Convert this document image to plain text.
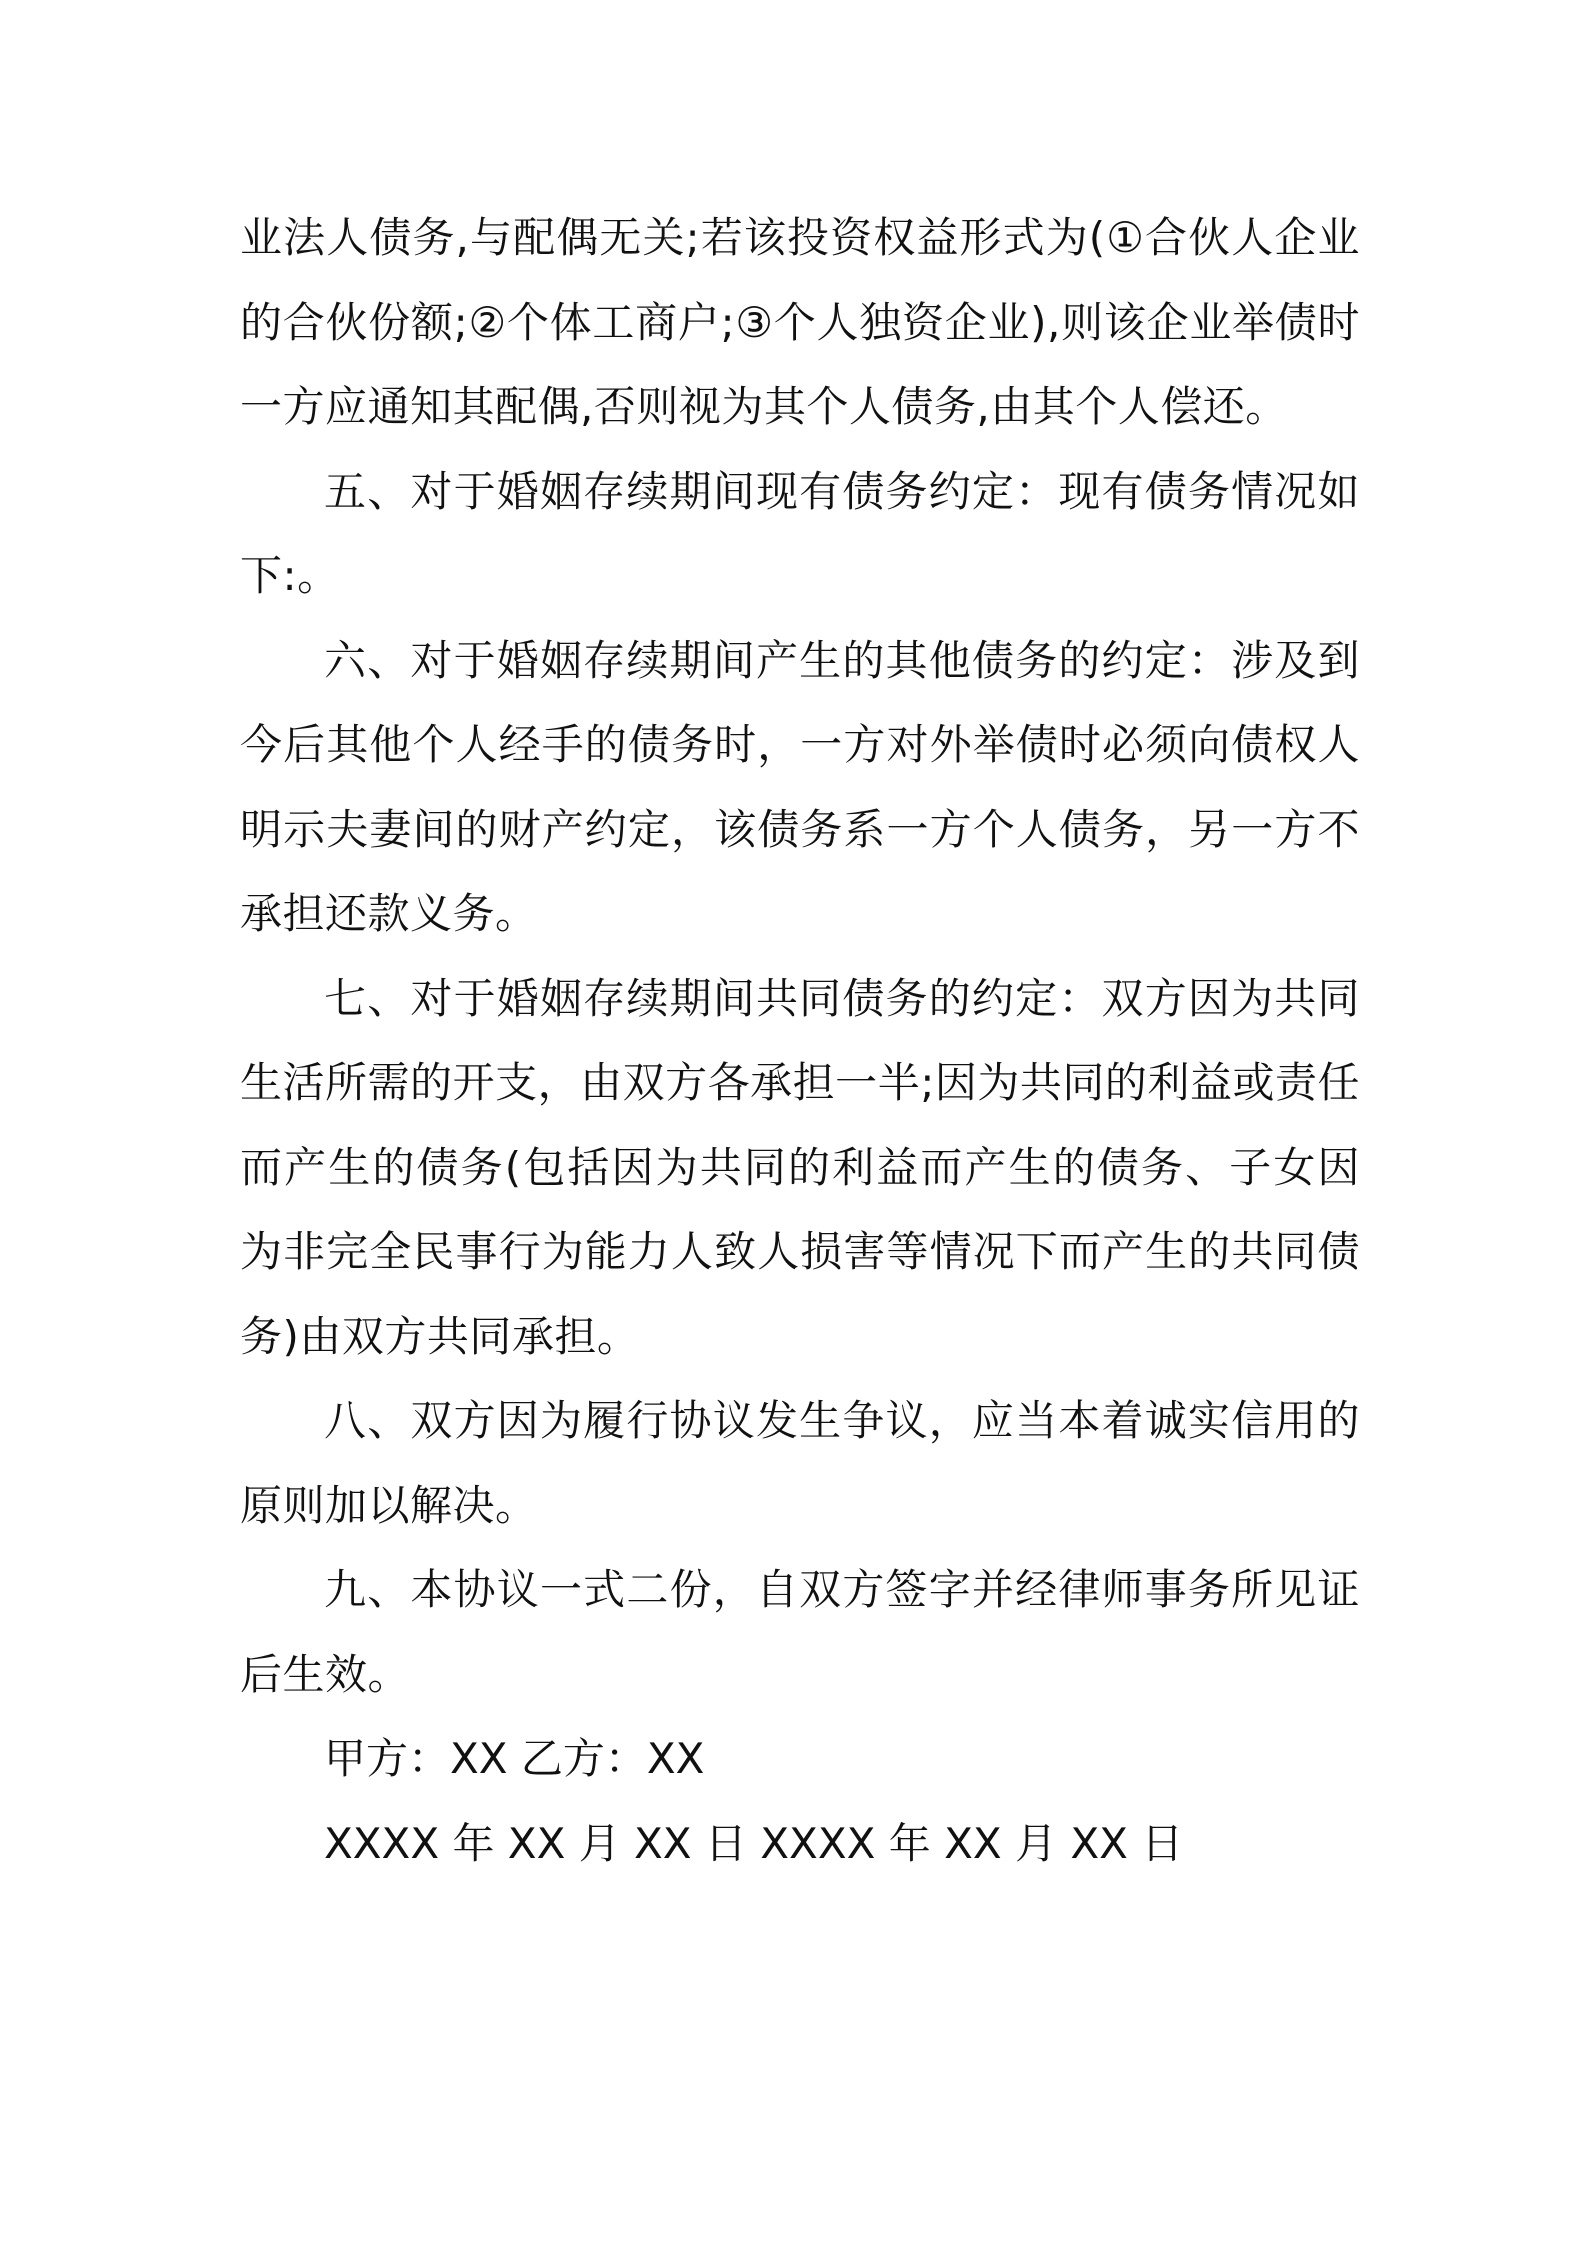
业法人债务,与配偶无关;若该投资权益形式为(①合伙人企业的合伙份额;②个体工商户;③个人独资企业),则该企业举债时一方应通知其配偶,否则视为其个人债务,由其个人偿还。

五、对于婚姻存续期间现有债务约定：现有债务情况如下:。

六、对于婚姻存续期间产生的其他债务的约定：涉及到今后其他个人经手的债务时，一方对外举债时必须向债权人明示夫妻间的财产约定，该债务系一方个人债务，另一方不承担还款义务。

七、对于婚姻存续期间共同债务的约定：双方因为共同生活所需的开支，由双方各承担一半;因为共同的利益或责任而产生的债务(包括因为共同的利益而产生的债务、子女因为非完全民事行为能力人致人损害等情况下而产生的共同债务)由双方共同承担。

八、双方因为履行协议发生争议，应当本着诚实信用的原则加以解决。

九、本协议一式二份，自双方签字并经律师事务所见证后生效。

甲方：XX 乙方：XX

XXXX 年 XX 月 XX 日 XXXX 年 XX 月 XX 日
